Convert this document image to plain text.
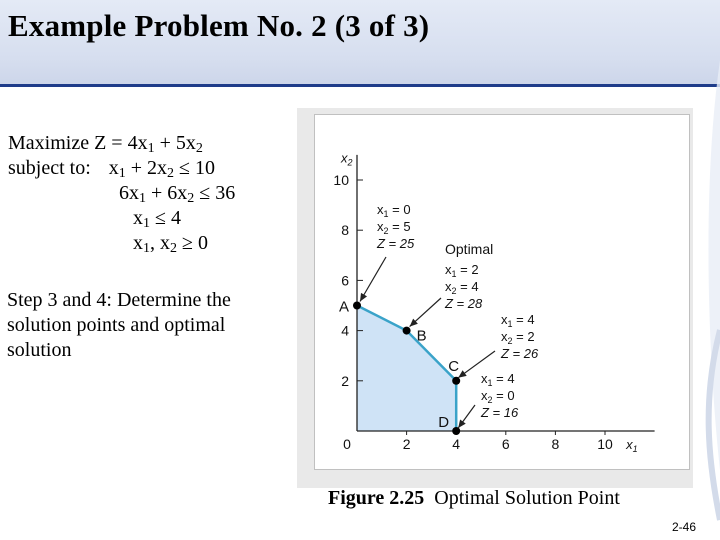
Example Problem No. 2 (3 of 3)
Maximize $Z = 4x_1 + 5x_2$
subject to: $x_1 + 2x_2 \le 10$
$6x_1 + 6x_2 \le 36$
$x_1 \le 4$
$x_1$, $x_2 \ge 0$
Step 3 and 4: Determine the solution points and optimal solution
0	2	4	6	8	10
2
4
6
8
10
$x_1$
$x_2$
A
B
C
D
$x_1 = 0$
$x_2 = 5$
Z = 25 Optimal
$x_1 = 2$
$x_2 = 4$
Z = 28
$x_1 = 4$
$x_2 = 2$
Z = 26
$x_1 = 4$
$x_2 = 0$
Z = 16
Figure 2.25 Optimal Solution Point
2-46
